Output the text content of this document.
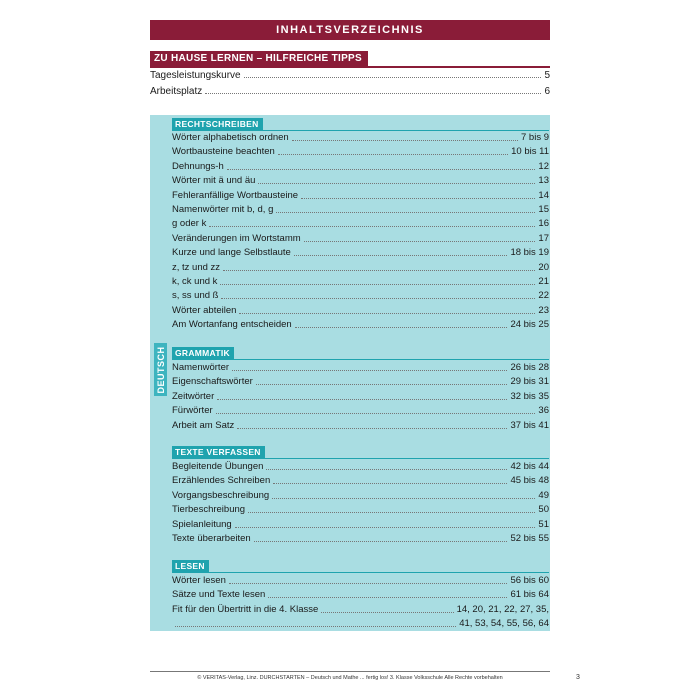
INHALTSVERZEICHNIS
ZU HAUSE LERNEN – HILFREICHE TIPPS
Tagesleistungskurve	5
Arbeitsplatz	6
DEUTSCH
RECHTSCHREIBEN
Wörter alphabetisch ordnen	7 bis 9
Wortbausteine beachten	10 bis 11
Dehnungs-h	12
Wörter mit ä und äu	13
Fehleranfällige Wortbausteine	14
Namenwörter mit b, d, g	15
g oder k	16
Veränderungen im Wortstamm	17
Kurze und lange Selbstlaute	18 bis 19
z, tz und zz	20
k, ck und k	21
s, ss und ß	22
Wörter abteilen	23
Am Wortanfang entscheiden	24 bis 25
GRAMMATIK
Namenwörter	26 bis 28
Eigenschaftswörter	29 bis 31
Zeitwörter	32 bis 35
Fürwörter	36
Arbeit am Satz	37 bis 41
TEXTE VERFASSEN
Begleitende Übungen	42 bis 44
Erzählendes Schreiben	45 bis 48
Vorgangsbeschreibung	49
Tierbeschreibung	50
Spielanleitung	51
Texte überarbeiten	52 bis 55
LESEN
Wörter lesen	56 bis 60
Sätze und Texte lesen	61 bis 64
Fit für den Übertritt in die 4. Klasse	14, 20, 21, 22, 27, 35,
41, 53, 54, 55, 56, 64
© VERITAS-Verlag, Linz. DURCHSTARTEN – Deutsch und Mathe ... fertig los! 3. Klasse Volksschule Alle Rechte vorbehalten	3
